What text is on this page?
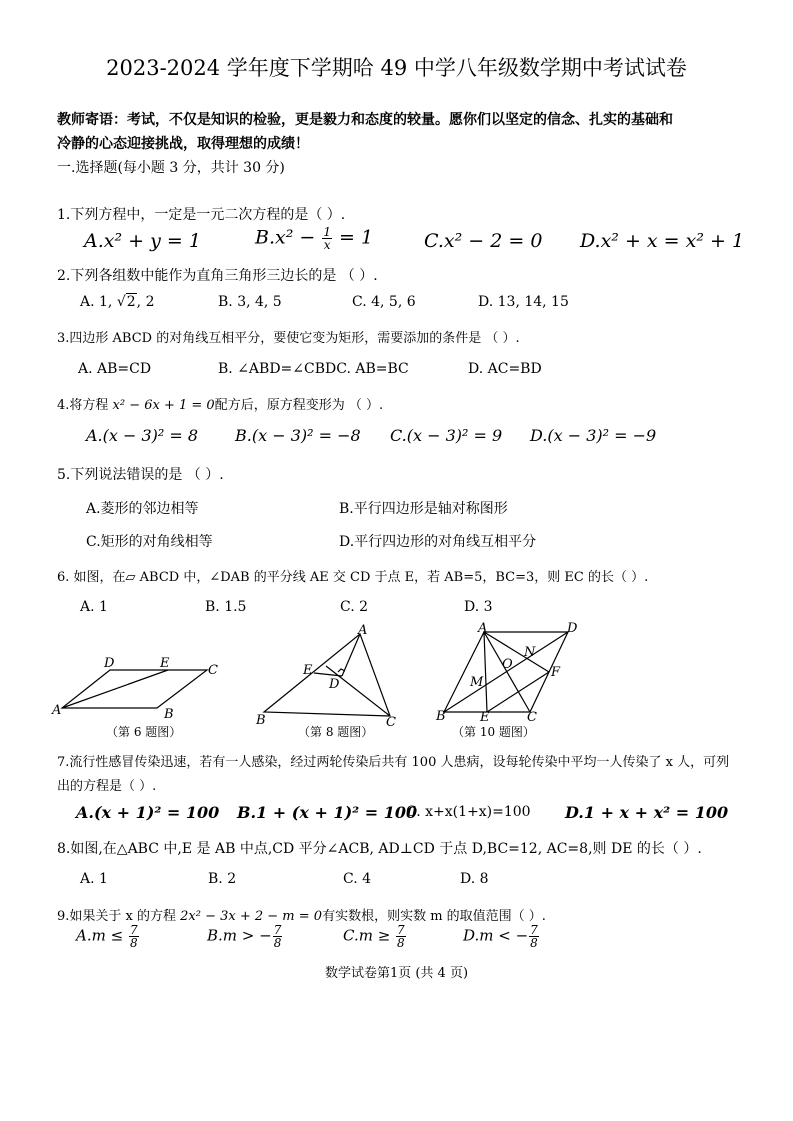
2023-2024 学年度下学期哈 49 中学八年级数学期中考试试卷
教师寄语：考试，不仅是知识的检验，更是毅力和态度的较量。愿你们以坚定的信念、扎实的基础和
冷静的心态迎接挑战，取得理想的成绩！
一.选择题(每小题 3 分，共计 30 分)
1.下列方程中，一定是一元二次方程的是（ ）.
A.x² + y = 1	$B.x^2 - \frac{1}{x} = 1$	C.x² − 2 = 0 D.x² + x = x² + 1
2.下列各组数中能作为直角三角形三边长的是 （ ）.
A. 1, √2, 2	B. 3, 4, 5	C. 4, 5, 6	D. 13, 14, 15
3.四边形 ABCD 的对角线互相平分，要使它变为矩形，需要添加的条件是 （ ）.
A. AB=CD	B. ∠ABD=∠CBDC. AB=BC	D. AC=BD
4.将方程 x² − 6x + 1 = 0配方后，原方程变形为 （ ）.
A.(x − 3)² = 8 B.(x − 3)² = −8 C.(x − 3)² = 9 D.(x − 3)² = −9
5.下列说法错误的是 （ ）.
A.菱形的邻边相等	B.平行四边形是轴对称图形
C.矩形的对角线相等	D.平行四边形的对角线互相平分
6. 如图，在▱ ABCD 中，∠DAB 的平分线 AE 交 CD 于点 E，若 AB=5，BC=3，则 EC 的长（ ）.
A. 1	B. 1.5	C. 2	D. 3
D	E	C
A	B
（第 6 题图）
A
E
D
B	C
（第 8 题图）
A	D
N
O
M
F
B	E	C
（第 10 题图）
7.流行性感冒传染迅速，若有一人感染，经过两轮传染后共有 100 人患病，设每轮传染中平均一人传染了 x 人，可列
出的方程是（ ）.
A.(x + 1)² = 100 B.1 + (x + 1)² = 100
C. x+x(1+x)=100 D.1 + x + x² = 100
8.如图,在△ABC 中,E 是 AB 中点,CD 平分∠ACB, AD⊥CD 于点 D,BC=12, AC=8,则 DE 的长（ ）.
A. 1	B. 2	C. 4	D. 8
9.如果关于 x 的方程 2x² − 3x + 2 − m = 0有实数根，则实数 m 的取值范围（ ）.
$A.m \le \frac{7}{8}$	B.m > − $\frac{7}{8}$	$C.m \ge \frac{7}{8}$	D.m < − $\frac{7}{8}$
数学试卷第1页 (共 4 页)
